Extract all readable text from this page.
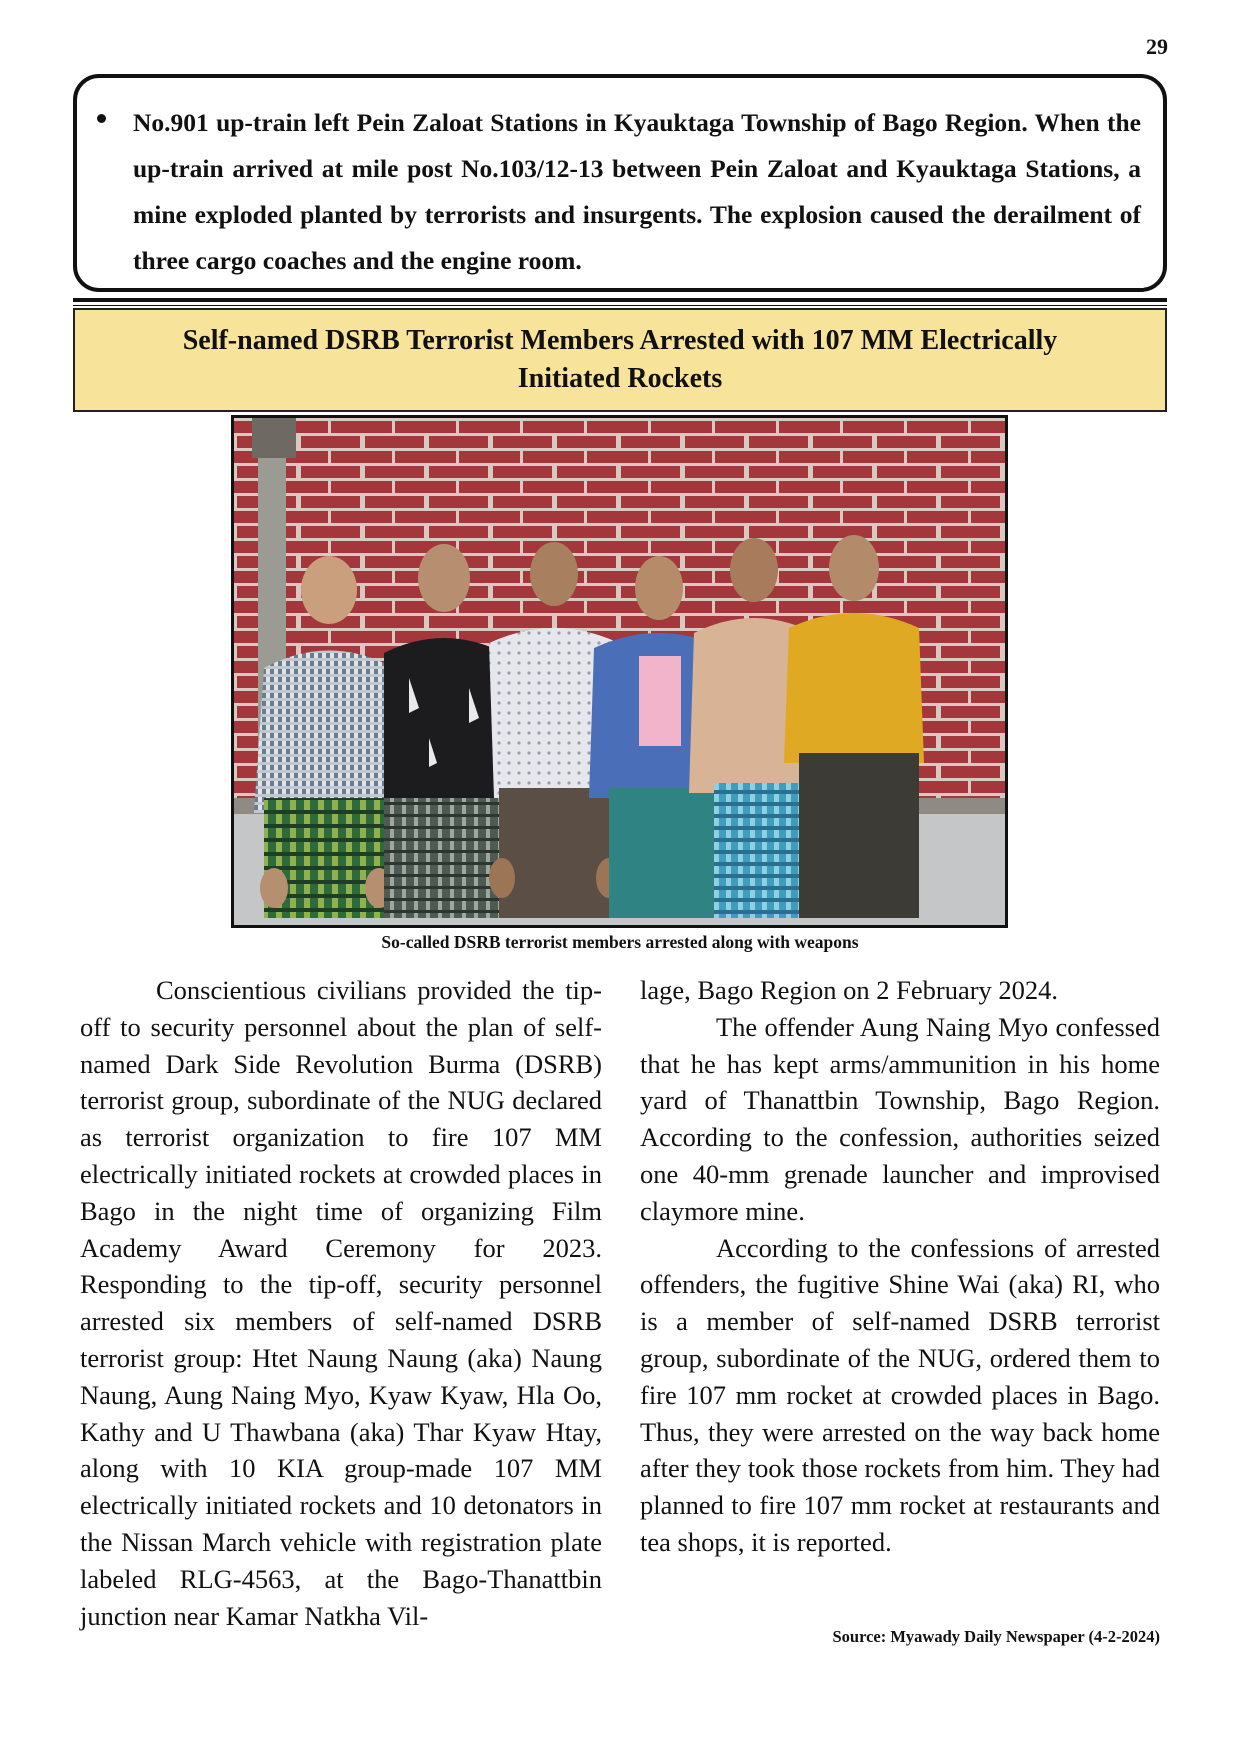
29

No.901 up-train left Pein Zaloat Stations in Kyauktaga Township of Bago Region. When the up-train arrived at mile post No.103/12-13 between Pein Zaloat and Kyauktaga Stations, a mine exploded planted by terrorists and insurgents. The explosion caused the derailment of three cargo coaches and the engine room.

Self-named DSRB Terrorist Members Arrested with 107 MM Electrically
Initiated Rockets

So-called DSRB terrorist members arrested along with weapons

Conscientious civilians provided the tip-off to security personnel about the plan of self-named Dark Side Revolution Burma (DSRB) terrorist group, subordinate of the NUG declared as terrorist organization to fire 107 MM electrically initiated rockets at crowded places in Bago in the night time of organizing Film Academy Award Ceremony for 2023. Responding to the tip-off, security personnel arrested six members of self-named DSRB terrorist group: Htet Naung Naung (aka) Naung Naung, Aung Naing Myo, Kyaw Kyaw, Hla Oo, Kathy and U Thawbana (aka) Thar Kyaw Htay, along with 10 KIA group-made 107 MM electrically initiated rockets and 10 detonators in the Nissan March vehicle with registration plate labeled RLG-4563, at the Bago-Thanattbin junction near Kamar Natkha Vil-

lage, Bago Region on 2 February 2024.

The offender Aung Naing Myo confessed that he has kept arms/ammunition in his home yard of Thanattbin Township, Bago Region. According to the confession, authorities seized one 40-mm grenade launcher and improvised claymore mine.

According to the confessions of arrested offenders, the fugitive Shine Wai (aka) RI, who is a member of self-named DSRB terrorist group, subordinate of the NUG, ordered them to fire 107 mm rocket at crowded places in Bago. Thus, they were arrested on the way back home after they took those rockets from him. They had planned to fire 107 mm rocket at restaurants and tea shops, it is reported.

Source: Myawady Daily Newspaper (4-2-2024)
